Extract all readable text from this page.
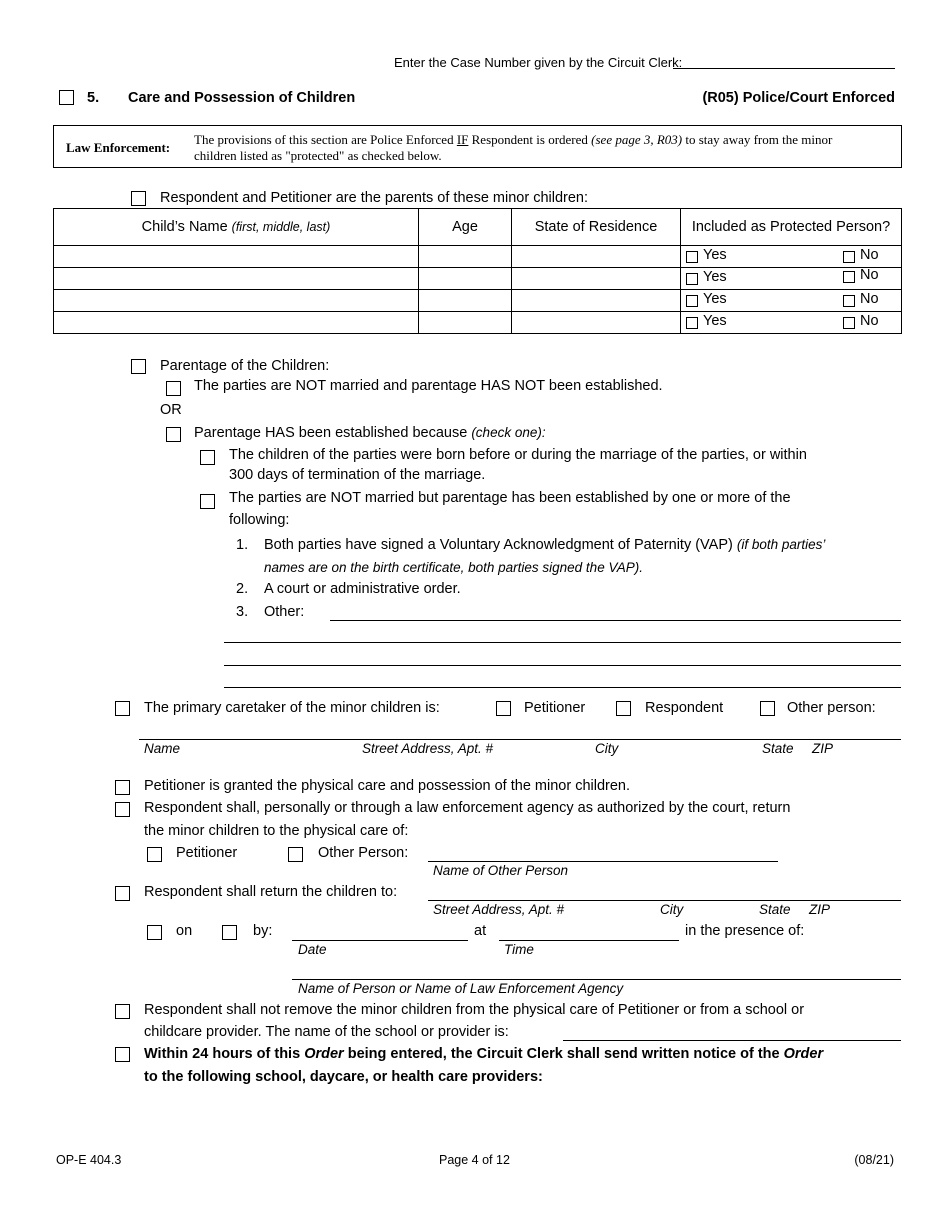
Enter the Case Number given by the Circuit Clerk:
5. Care and Possession of Children	(R05) Police/Court Enforced
Law Enforcement:
The provisions of this section are Police Enforced IF Respondent is ordered (see page 3, R03) to stay away from the minor
children listed as "protected" as checked below.
Respondent and Petitioner are the parents of these minor children:
Child’s Name (first, middle, last)	Age	State of Residence	Included as Protected Person?

			Yes No

			Yes No

			Yes No

			Yes No
Parentage of the Children:
The parties are NOT married and parentage HAS NOT been established.
OR
Parentage HAS been established because (check one):
The children of the parties were born before or during the marriage of the parties, or within
300 days of termination of the marriage.
The parties are NOT married but parentage has been established by one or more of the
following:
1. Both parties have signed a Voluntary Acknowledgment of Paternity (VAP) (if both parties’
names are on the birth certificate, both parties signed the VAP).
2. A court or administrative order.
3. Other:
The primary caretaker of the minor children is:	Petitioner	Respondent	Other person:
Name	Street Address, Apt. #	City	State ZIP
Petitioner is granted the physical care and possession of the minor children.
Respondent shall, personally or through a law enforcement agency as authorized by the court, return
the minor children to the physical care of:
Petitioner	Other Person:
Name of Other Person
Respondent shall return the children to:
Street Address, Apt. #	City	State ZIP
on	by:	at	in the presence of:
Date	Time
Name of Person or Name of Law Enforcement Agency
Respondent shall not remove the minor children from the physical care of Petitioner or from a school or
childcare provider. The name of the school or provider is:
Within 24 hours of this Order being entered, the Circuit Clerk shall send written notice of the Order
to the following school, daycare, or health care providers:
OP-E 404.3	Page 4 of 12	(08/21)
